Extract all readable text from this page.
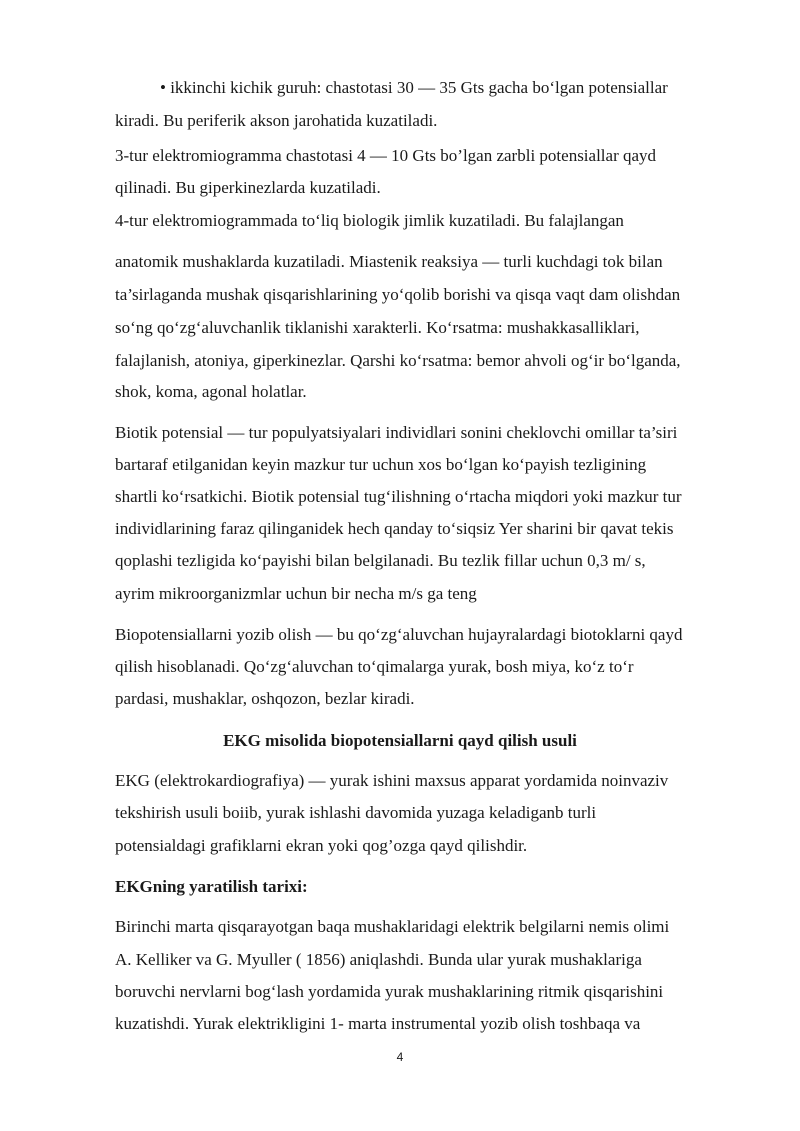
• ikkinchi kichik guruh: chastotasi 30 — 35 Gts gacha bo‘lgan potensiallar
kiradi. Bu periferik akson jarohatida kuzatiladi.
3-tur elektromiogramma chastotasi 4 — 10 Gts bo’lgan zarbli potensiallar qayd
qilinadi. Bu giperkinezlarda kuzatiladi.
4-tur elektromiogrammada to‘liq biologik jimlik kuzatiladi. Bu falajlangan
anatomik mushaklarda kuzatiladi. Miastenik reaksiya — turli kuchdagi tok bilan
ta’sirlaganda mushak qisqarishlarining yo‘qolib borishi va qisqa vaqt dam olishdan
so‘ng qo‘zg‘aluvchanlik tiklanishi xarakterli. Ko‘rsatma: mushakkasalliklari,
falajlanish, atoniya, giperkinezlar. Qarshi ko‘rsatma: bemor ahvoli og‘ir bo‘lganda,
shok, koma, agonal holatlar.
Biotik potensial — tur populyatsiyalari individlari sonini cheklovchi omillar ta’siri
bartaraf etilganidan keyin mazkur tur uchun xos bo‘lgan ko‘payish tezligining
shartli ko‘rsatkichi. Biotik potensial tug‘ilishning o‘rtacha miqdori yoki mazkur tur
individlarining faraz qilinganidek hech qanday to‘siqsiz Yer sharini bir qavat tekis
qoplashi tezligida ko‘payishi bilan belgilanadi. Bu tezlik fillar uchun 0,3 m/ s,
ayrim mikroorganizmlar uchun bir necha m/s ga teng
Biopotensiallarni yozib olish — bu qo‘zg‘aluvchan hujayralardagi biotoklarni qayd
qilish hisoblanadi. Qo‘zg‘aluvchan to‘qimalarga yurak, bosh miya, ko‘z to‘r
pardasi, mushaklar, oshqozon, bezlar kiradi.
EKG misolida biopotensiallarni qayd qilish usuli
EKG (elektrokardiografiya) — yurak ishini maxsus apparat yordamida noinvaziv
tekshirish usuli boiib, yurak ishlashi davomida yuzaga keladiganb turli
potensialdagi grafiklarni ekran yoki qog’ozga qayd qilishdir.
EKGning yaratilish tarixi:
Birinchi marta qisqarayotgan baqa mushaklaridagi elektrik belgilarni nemis olimi
A. Kelliker va G. Myuller ( 1856) aniqlashdi. Bunda ular yurak mushaklariga
boruvchi nervlarni bog‘lash yordamida yurak mushaklarining ritmik qisqarishini
kuzatishdi. Yurak elektrikligini 1- marta instrumental yozib olish toshbaqa va
4
